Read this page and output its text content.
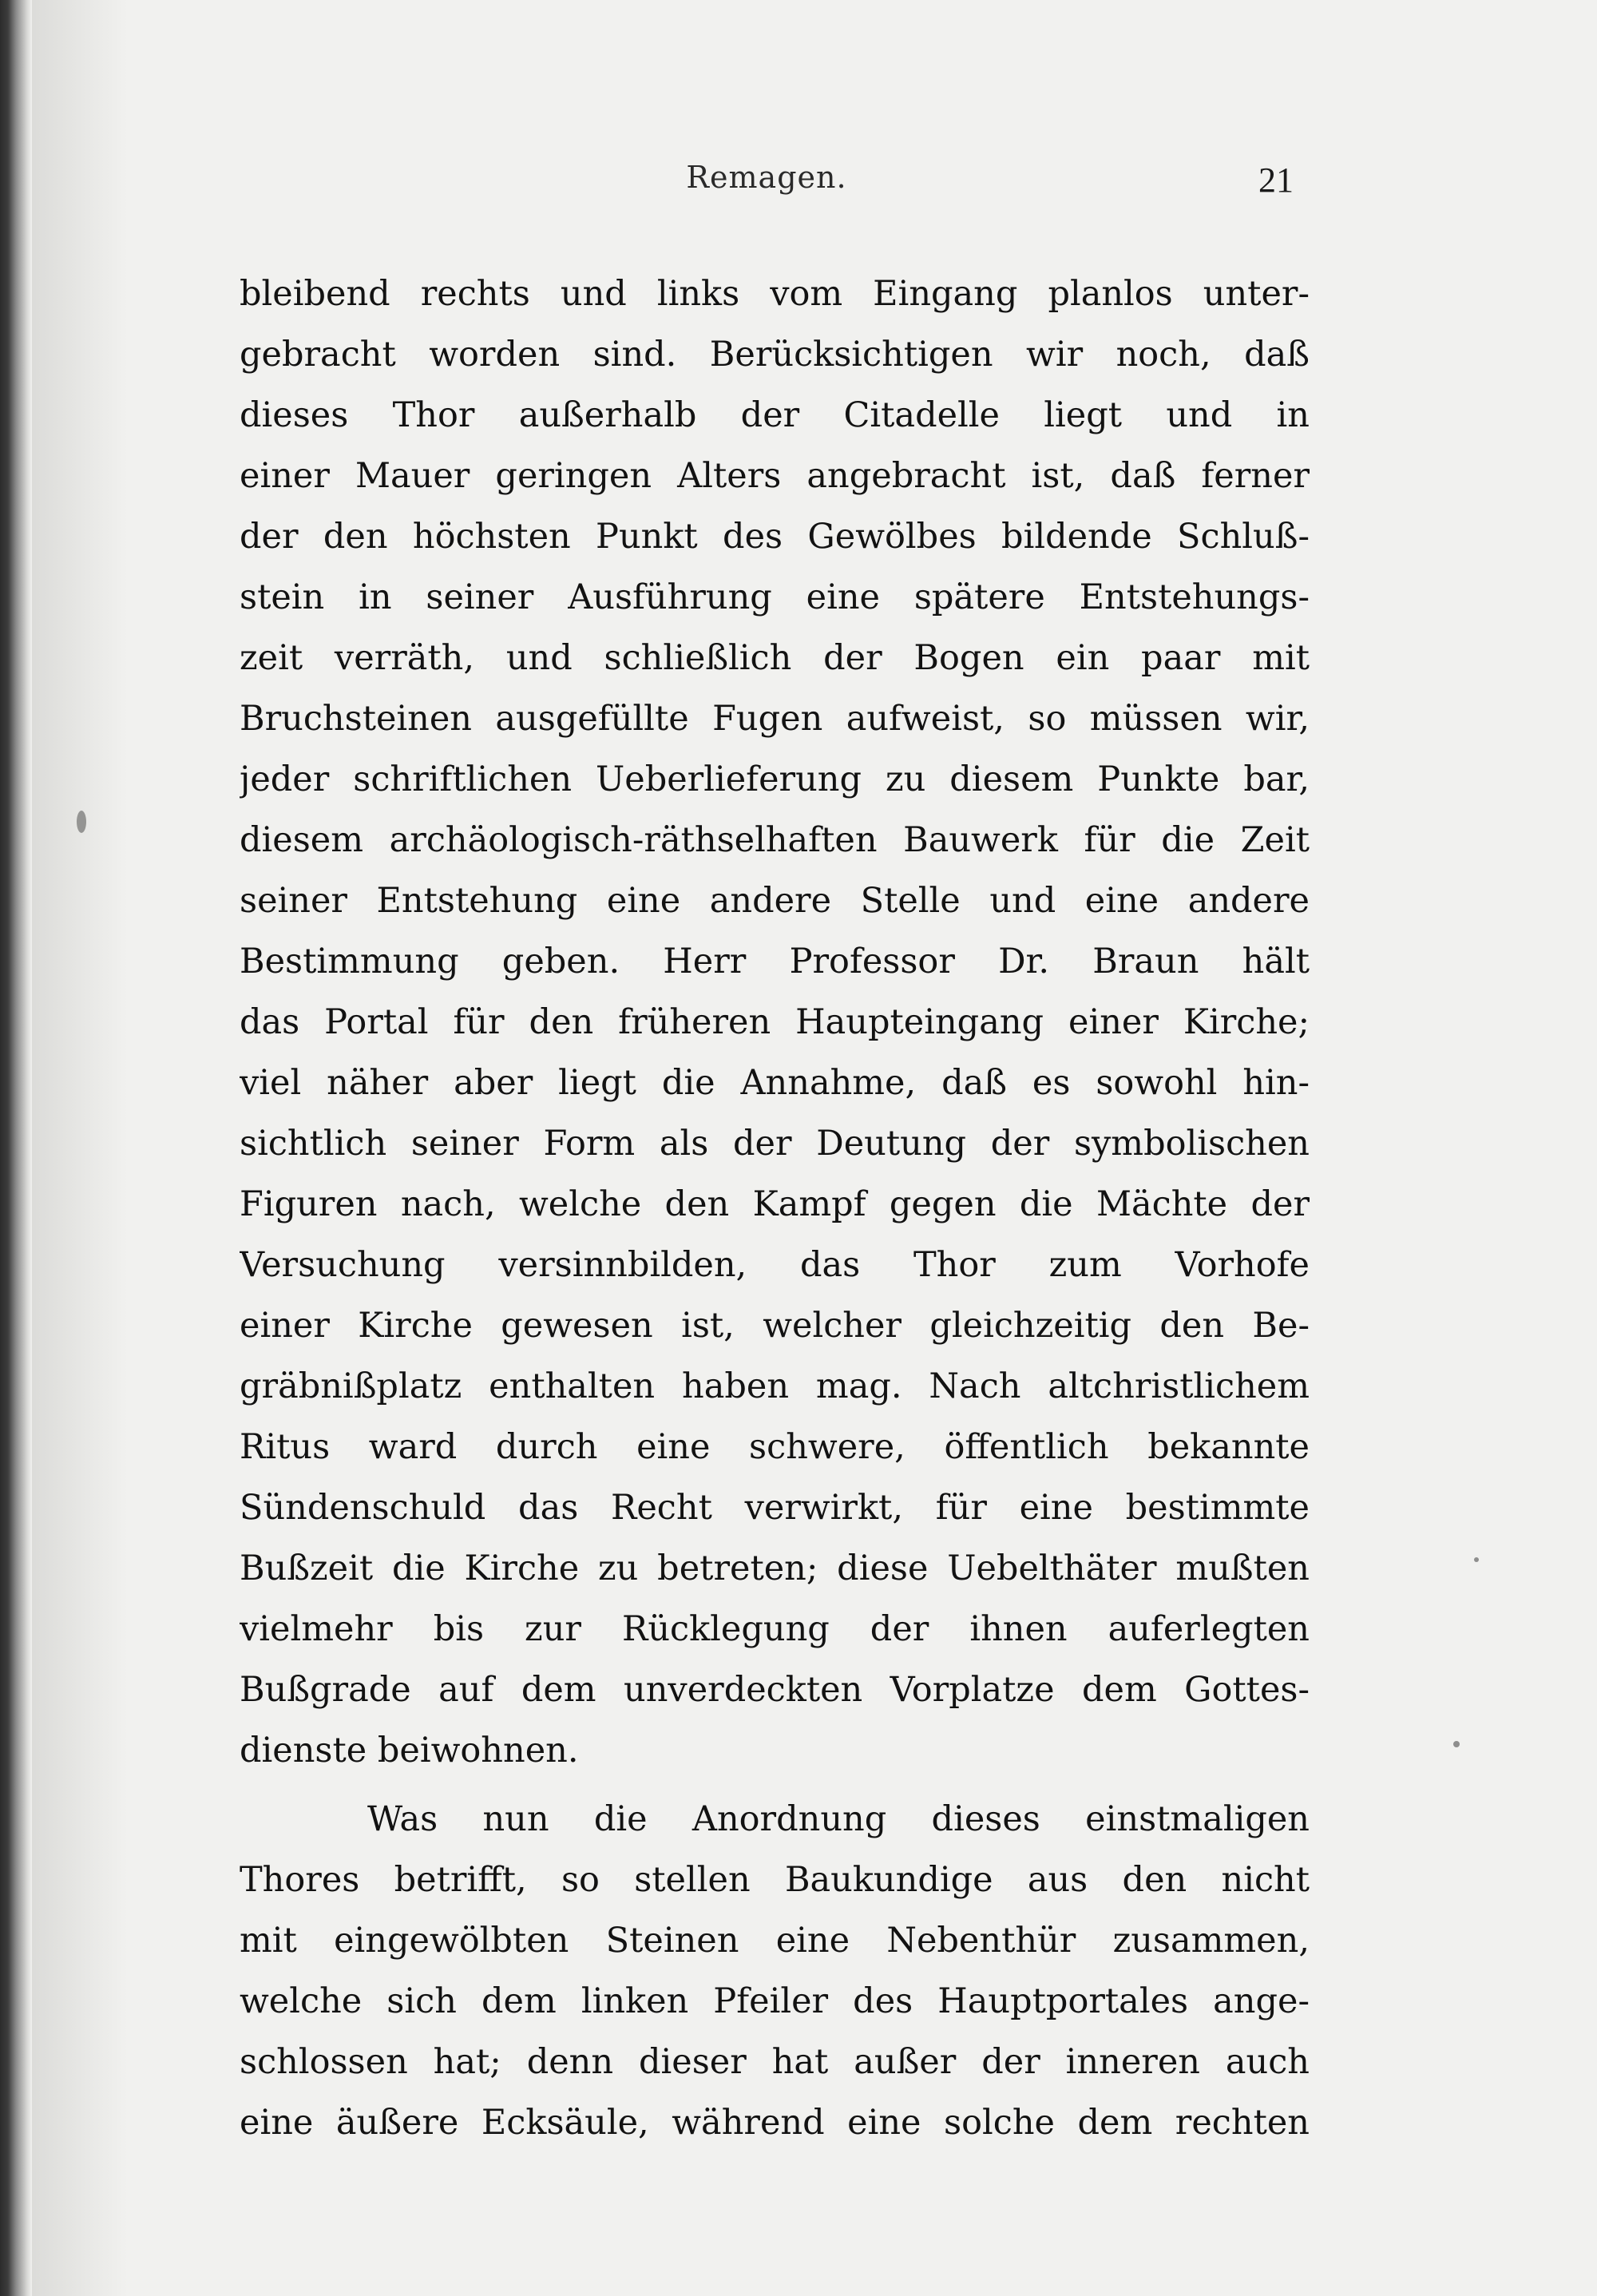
Remagen.	21
bleibend rechts und links vom Eingang planlos unter-
gebracht worden sind. Berücksichtigen wir noch, daß
dieses Thor außerhalb der Citadelle liegt und in
einer Mauer geringen Alters angebracht ist, daß ferner
der den höchsten Punkt des Gewölbes bildende Schluß-
stein in seiner Ausführung eine spätere Entstehungs-
zeit verräth, und schließlich der Bogen ein paar mit
Bruchsteinen ausgefüllte Fugen aufweist, so müssen wir,
jeder schriftlichen Ueberlieferung zu diesem Punkte bar,
diesem archäologisch-räthselhaften Bauwerk für die Zeit
seiner Entstehung eine andere Stelle und eine andere
Bestimmung geben. Herr Professor Dr. Braun hält
das Portal für den früheren Haupteingang einer Kirche;
viel näher aber liegt die Annahme, daß es sowohl hin-
sichtlich seiner Form als der Deutung der symbolischen
Figuren nach, welche den Kampf gegen die Mächte der
Versuchung versinnbilden, das Thor zum Vorhofe
einer Kirche gewesen ist, welcher gleichzeitig den Be-
gräbnißplatz enthalten haben mag. Nach altchristlichem
Ritus ward durch eine schwere, öffentlich bekannte
Sündenschuld das Recht verwirkt, für eine bestimmte
Bußzeit die Kirche zu betreten; diese Uebelthäter mußten
vielmehr bis zur Rücklegung der ihnen auferlegten
Bußgrade auf dem unverdeckten Vorplatze dem Gottes-
dienste beiwohnen.
Was nun die Anordnung dieses einstmaligen
Thores betrifft, so stellen Baukundige aus den nicht
mit eingewölbten Steinen eine Nebenthür zusammen,
welche sich dem linken Pfeiler des Hauptportales ange-
schlossen hat; denn dieser hat außer der inneren auch
eine äußere Ecksäule, während eine solche dem rechten
